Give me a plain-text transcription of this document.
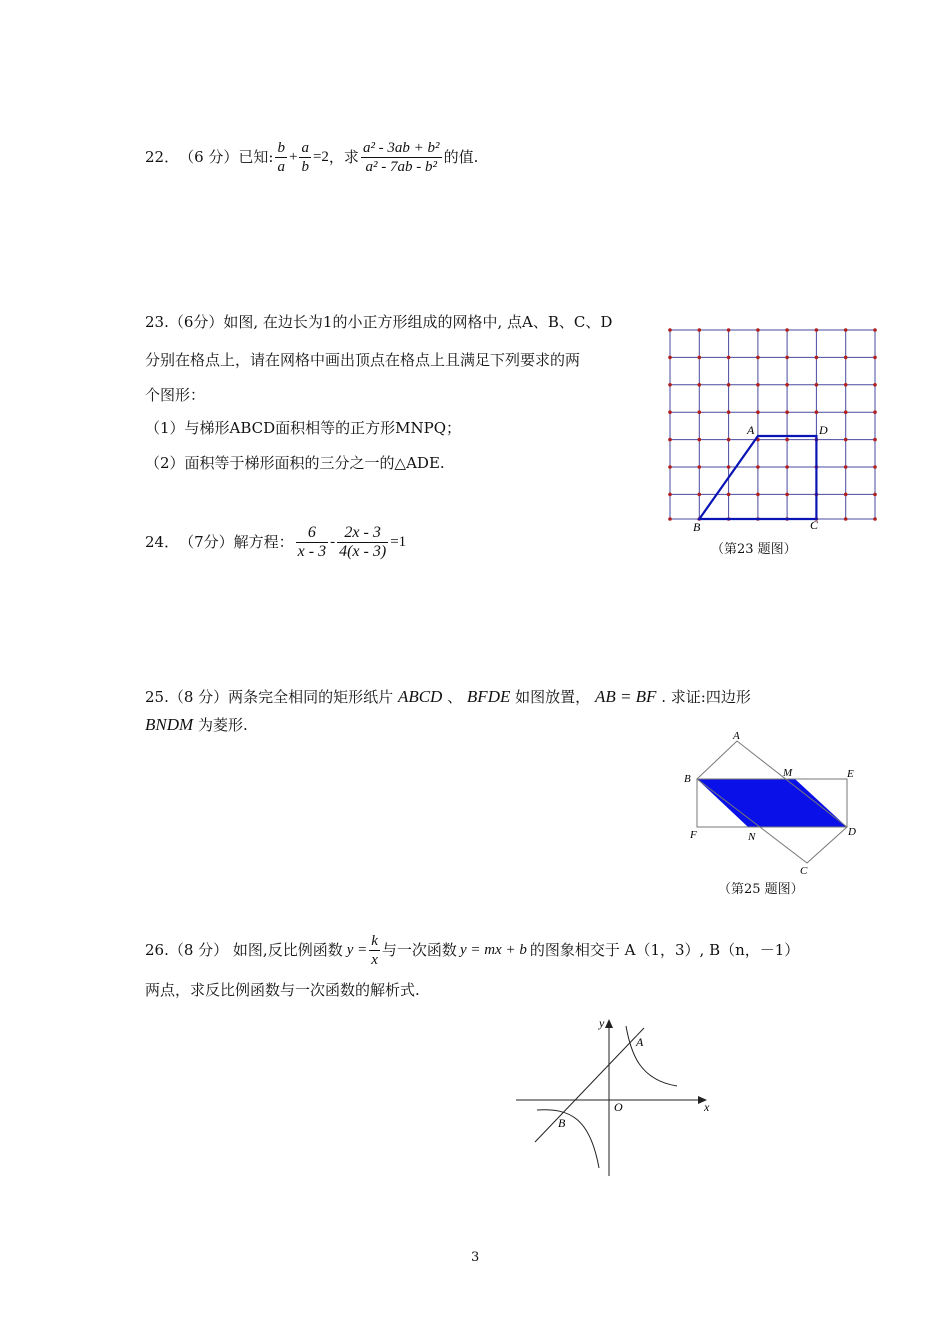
22． （6 分） 已知: $\frac{b}{a} + \frac{a}{b} =2$ ， 求 $\frac{\text{a² - 3ab + b²}}{\text{a² - 7ab - b²}}$ 的值.
23.（6分）如图, 在边长为1的小正方形组成的网格中, 点A、B、C、D
分别在格点上，请在网格中画出顶点在格点上且满足下列要求的两
个图形：
（1）与梯形ABCD面积相等的正方形MNPQ；
（2）面积等于梯形面积的三分之一的△ADE.
A	D
B	C
（第23 题图）
24． （7分） 解方程： $\frac{6}{x - 3} - \frac{2x - 3}{4(x - 3)} =1$
25.（8 分）两条完全相同的矩形纸片 ABCD 、 BFDE 如图放置， AB = BF . 求证:四边形
BNDM 为菱形.
A
B	M	E
F	N	D
C
（第25 题图）
26.（8 分） 如图,反比例函数 $y = \frac{k}{x}$ 与一次函数 y = mx + b 的图象相交于 A（1，3）, B（n，－1）
两点，求反比例函数与一次函数的解析式.
y
x
O
A
B
3
